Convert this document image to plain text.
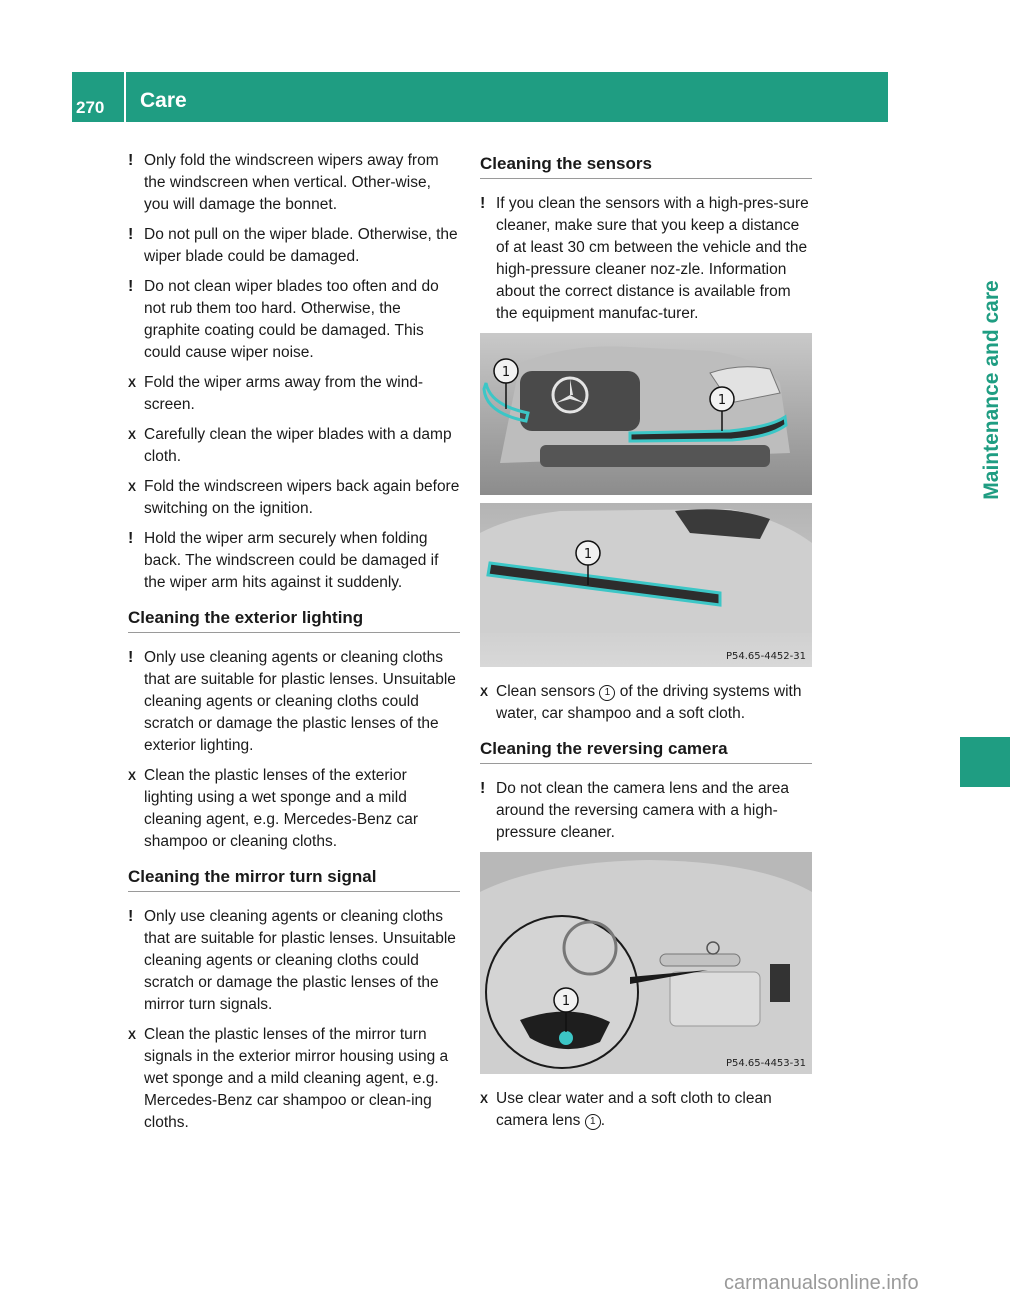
270 Care
Maintenance and care

! Only fold the windscreen wipers away from the windscreen when vertical. Other-wise, you will damage the bonnet.

! Do not pull on the wiper blade. Otherwise, the wiper blade could be damaged.

! Do not clean wiper blades too often and do not rub them too hard. Otherwise, the graphite coating could be damaged. This could cause wiper noise.

X Fold the wiper arms away from the wind-screen.

X Carefully clean the wiper blades with a damp cloth.

X Fold the windscreen wipers back again before switching on the ignition.

! Hold the wiper arm securely when folding back. The windscreen could be damaged if the wiper arm hits against it suddenly.

Cleaning the exterior lighting

! Only use cleaning agents or cleaning cloths that are suitable for plastic lenses. Unsuitable cleaning agents or cleaning cloths could scratch or damage the plastic lenses of the exterior lighting.

X Clean the plastic lenses of the exterior lighting using a wet sponge and a mild cleaning agent, e.g. Mercedes-Benz car shampoo or cleaning cloths.

Cleaning the mirror turn signal

! Only use cleaning agents or cleaning cloths that are suitable for plastic lenses. Unsuitable cleaning agents or cleaning cloths could scratch or damage the plastic lenses of the mirror turn signals.

X Clean the plastic lenses of the mirror turn signals in the exterior mirror housing using a wet sponge and a mild cleaning agent, e.g. Mercedes-Benz car shampoo or clean-ing cloths.

Cleaning the sensors

! If you clean the sensors with a high-pres-sure cleaner, make sure that you keep a distance of at least 30 cm between the vehicle and the high-pressure cleaner noz-zle. Information about the correct distance is available from the equipment manufac-turer.

1
1
1
P54.65-4452-31

X Clean sensors 1 of the driving systems with water, car shampoo and a soft cloth.

Cleaning the reversing camera

! Do not clean the camera lens and the area around the reversing camera with a high-pressure cleaner.

1
P54.65-4453-31

X Use clear water and a soft cloth to clean camera lens 1 .

carmanualsonline.info
